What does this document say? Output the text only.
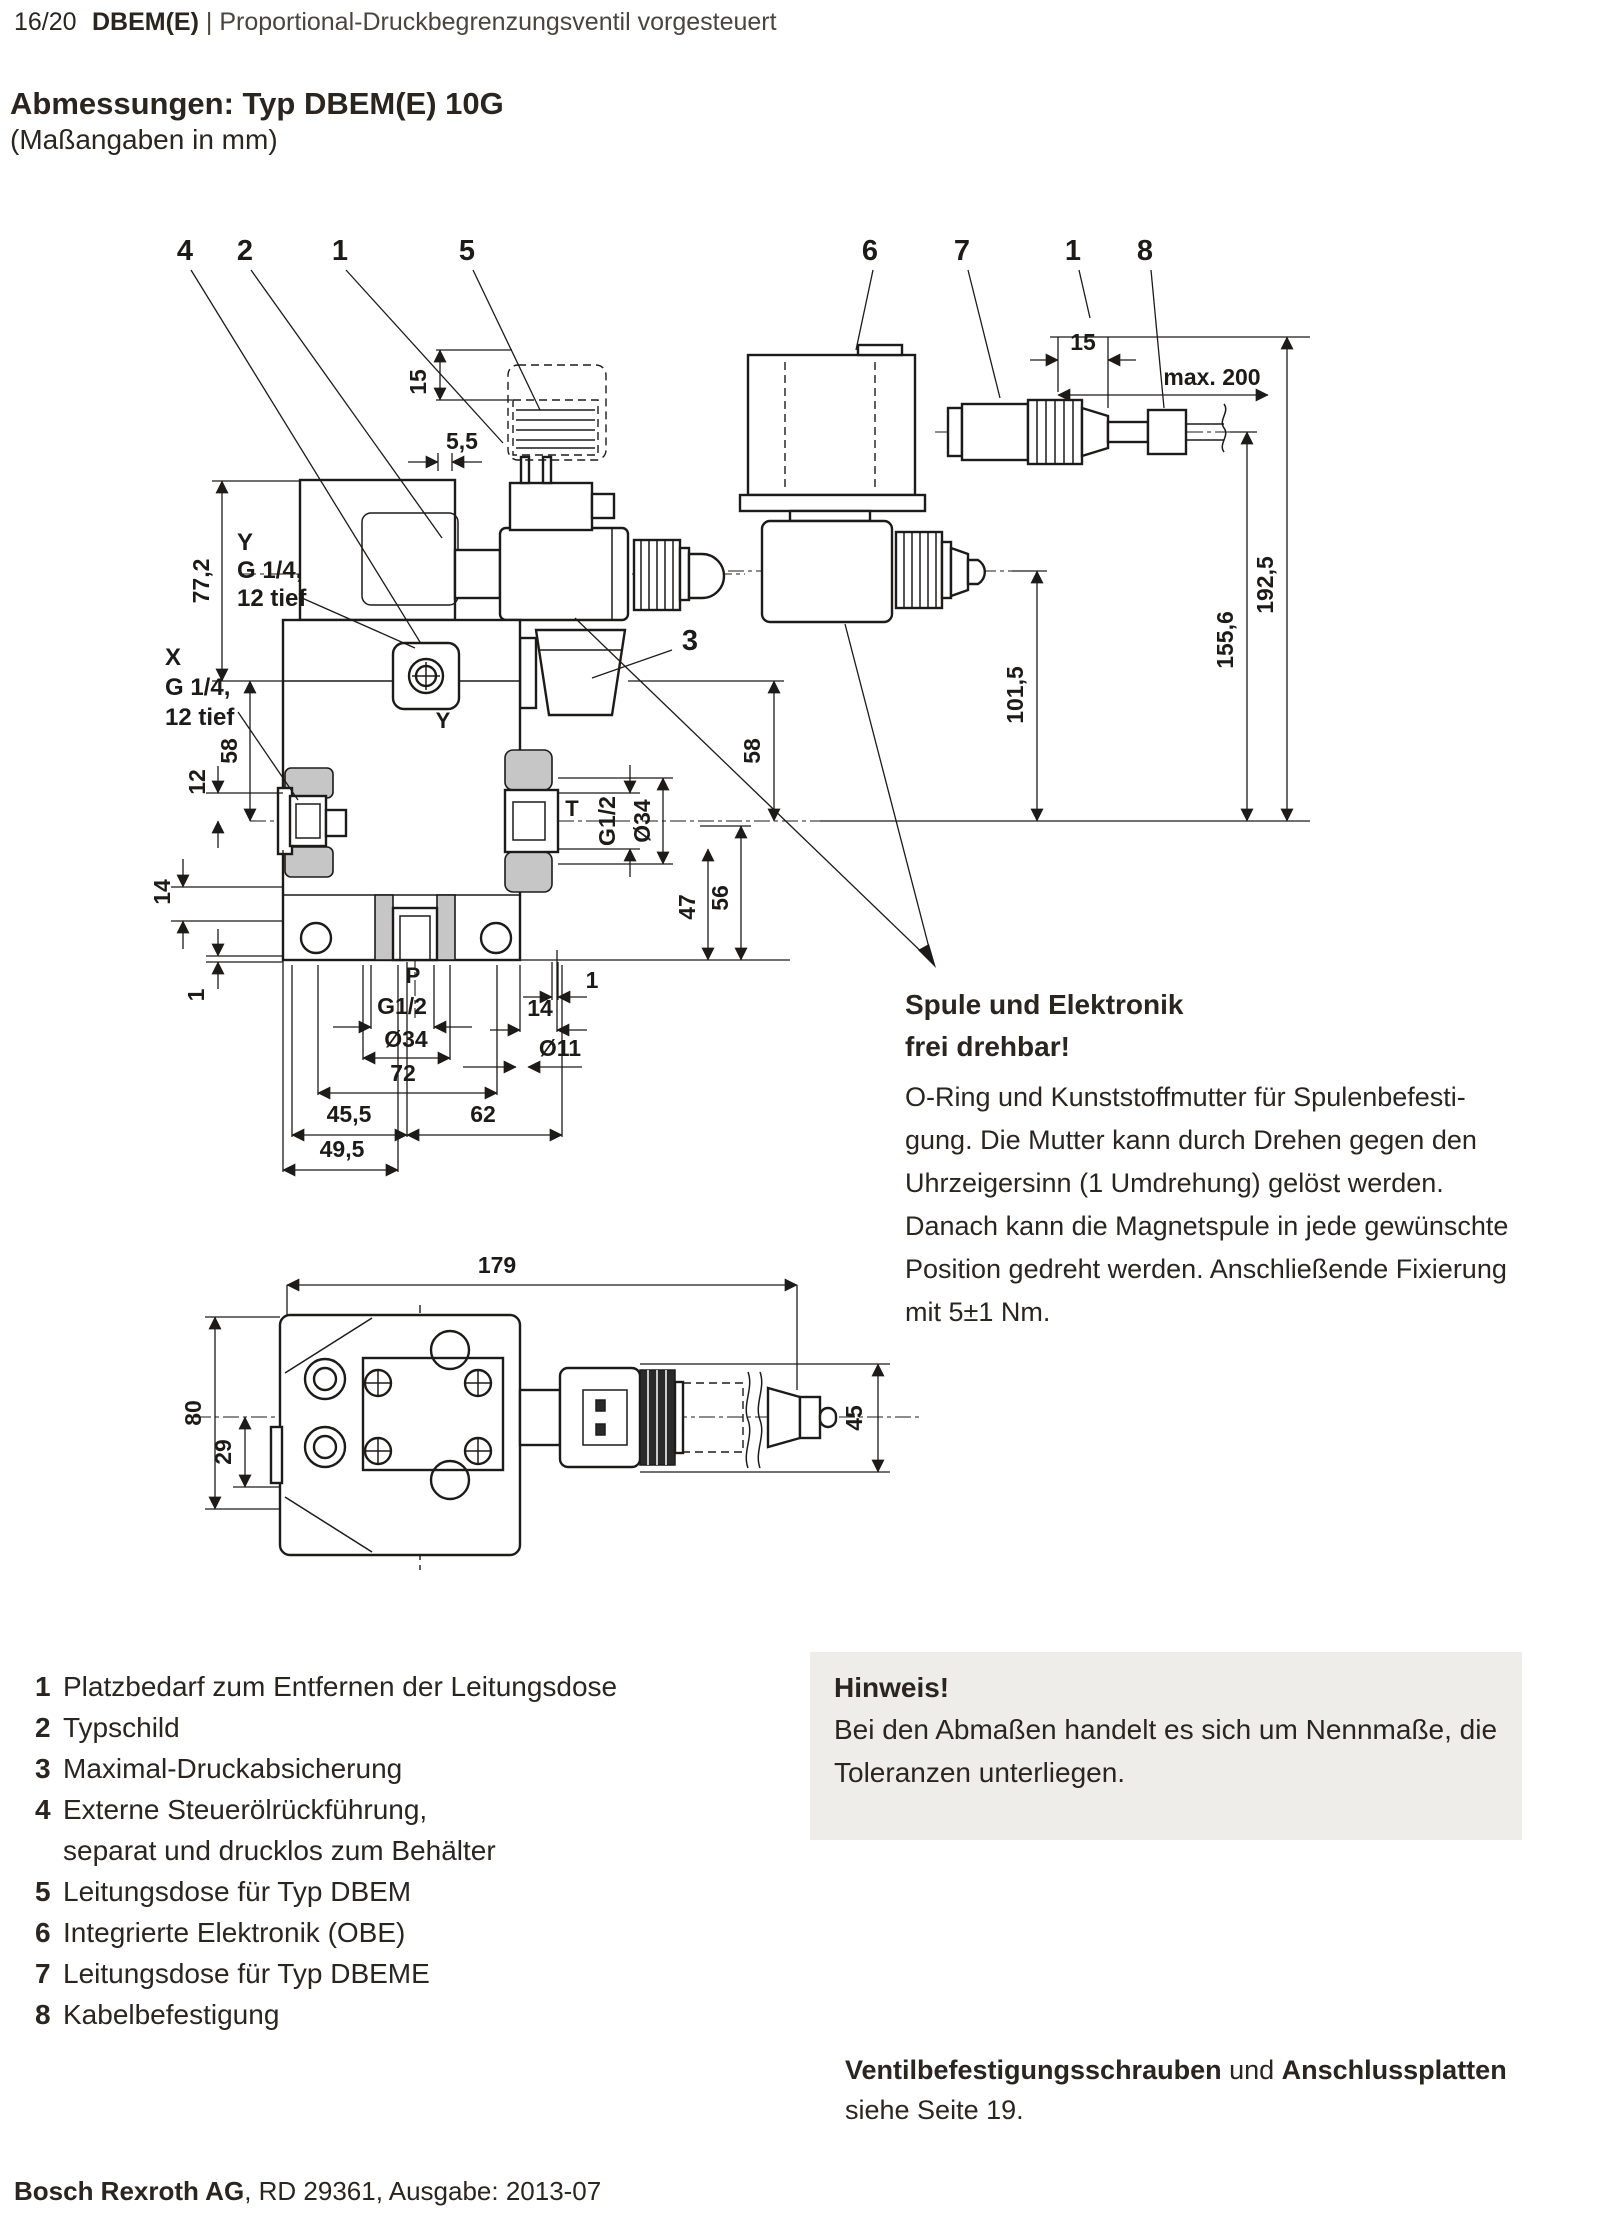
16/20 DBEM(E) | Proportional-Druckbegrenzungsventil vorgesteuert
Abmessungen: Typ DBEM(E) 10G
(Maßangaben in mm)
15
5,5
77,2
58
12
14
1
P
G1/2
Ø34
72
45,5	62
49,5
14
1
Ø11
T G1/2 Ø34
47 56
58
101,5
155,6
192,5
15
max. 200
Y
G 1/4,
12 tief
X
G 1/4,
12 tief	Y
4 2	1	5	6	7	1 8
3
179
45
80
29
Spule und Elektronik
frei drehbar!
O-Ring und Kunststoffmutter für Spulenbefesti-
gung. Die Mutter kann durch Drehen gegen den
Uhrzeigersinn (1 Umdrehung) gelöst werden.
Danach kann die Magnetspule in jede gewünschte
Position gedreht werden. Anschließende Fixierung
mit 5±1 Nm.
1 Platzbedarf zum Entfernen der Leitungsdose
2 Typschild
3 Maximal-Druckabsicherung
4 Externe Steuerölrückführung,
separat und drucklos zum Behälter
5 Leitungsdose für Typ DBEM
6 Integrierte Elektronik (OBE)
7 Leitungsdose für Typ DBEME
8 Kabelbefestigung
Hinweis!
Bei den Abmaßen handelt es sich um Nennmaße, die
Toleranzen unterliegen.
Ventilbefestigungsschrauben und Anschlussplatten
siehe Seite 19.
Bosch Rexroth AG, RD 29361, Ausgabe: 2013-07
